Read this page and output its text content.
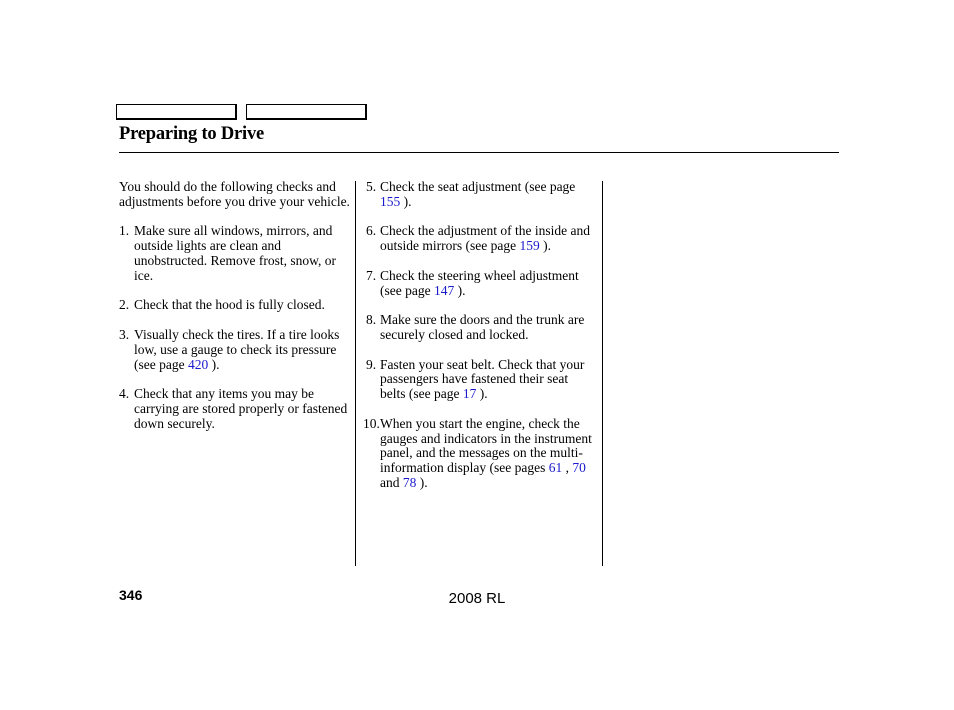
Preparing to Drive

You should do the following checks and adjustments before you drive your vehicle.

1. Make sure all windows, mirrors, and outside lights are clean and unobstructed. Remove frost, snow, or ice.
2. Check that the hood is fully closed.
3. Visually check the tires. If a tire looks low, use a gauge to check its pressure (see page 420 ).
4. Check that any items you may be carrying are stored properly or fastened down securely.
5. Check the seat adjustment (see page 155 ).
6. Check the adjustment of the inside and outside mirrors (see page 159 ).
7. Check the steering wheel adjustment (see page 147 ).
8. Make sure the doors and the trunk are securely closed and locked.
9. Fasten your seat belt. Check that your passengers have fastened their seat belts (see page 17 ).
10. When you start the engine, check the gauges and indicators in the instrument panel, and the messages on the multi-information display (see pages 61 , 70 and 78 ).
346	2008 RL
